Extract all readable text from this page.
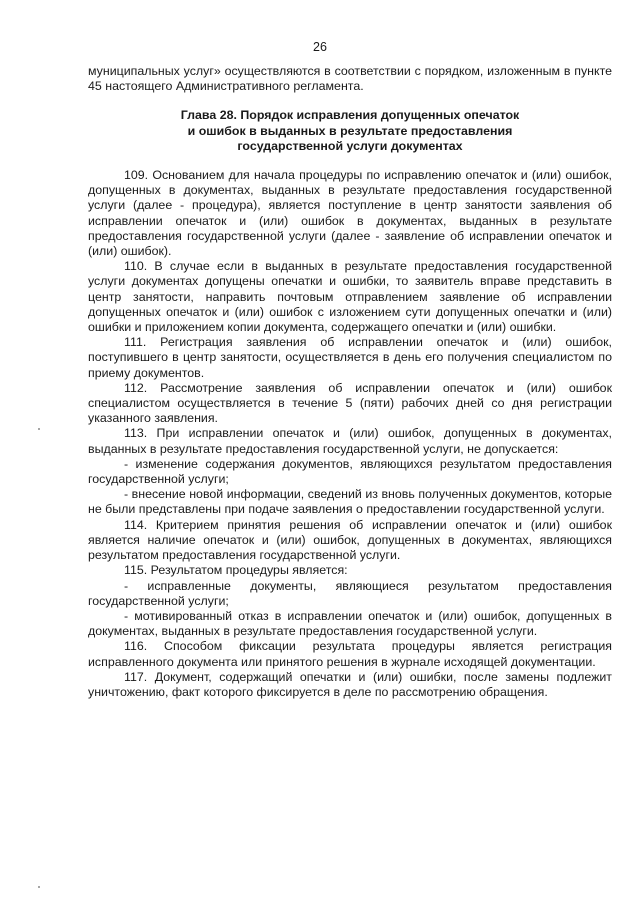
26

муниципальных услуг» осуществляются в соответствии с порядком, изложенным в пункте 45 настоящего Административного регламента.

Глава 28. Порядок исправления допущенных опечаток
и ошибок в выданных в результате предоставления
государственной услуги документах

109. Основанием для начала процедуры по исправлению опечаток и (или) ошибок, допущенных в документах, выданных в результате предоставления государственной услуги (далее - процедура), является поступление в центр занятости заявления об исправлении опечаток и (или) ошибок в документах, выданных в результате предоставления государственной услуги (далее - заявление об исправлении опечаток и (или) ошибок).

110. В случае если в выданных в результате предоставления государственной услуги документах допущены опечатки и ошибки, то заявитель вправе представить в центр занятости, направить почтовым отправлением заявление об исправлении допущенных опечаток и (или) ошибок с изложением сути допущенных опечатки и (или) ошибки и приложением копии документа, содержащего опечатки и (или) ошибки.

111. Регистрация заявления об исправлении опечаток и (или) ошибок, поступившего в центр занятости, осуществляется в день его получения специалистом по приему документов.

112. Рассмотрение заявления об исправлении опечаток и (или) ошибок специалистом осуществляется в течение 5 (пяти) рабочих дней со дня регистрации указанного заявления.

113. При исправлении опечаток и (или) ошибок, допущенных в документах, выданных в результате предоставления государственной услуги, не допускается:

- изменение содержания документов, являющихся результатом предоставления государственной услуги;

- внесение новой информации, сведений из вновь полученных документов, которые не были представлены при подаче заявления о предоставлении государственной услуги.

114. Критерием принятия решения об исправлении опечаток и (или) ошибок является наличие опечаток и (или) ошибок, допущенных в документах, являющихся результатом предоставления государственной услуги.

115. Результатом процедуры является:

- исправленные документы, являющиеся результатом предоставления государственной услуги;

- мотивированный отказ в исправлении опечаток и (или) ошибок, допущенных в документах, выданных в результате предоставления государственной услуги.

116. Способом фиксации результата процедуры является регистрация исправленного документа или принятого решения в журнале исходящей документации.

117. Документ, содержащий опечатки и (или) ошибки, после замены подлежит уничтожению, факт которого фиксируется в деле по рассмотрению обращения.
